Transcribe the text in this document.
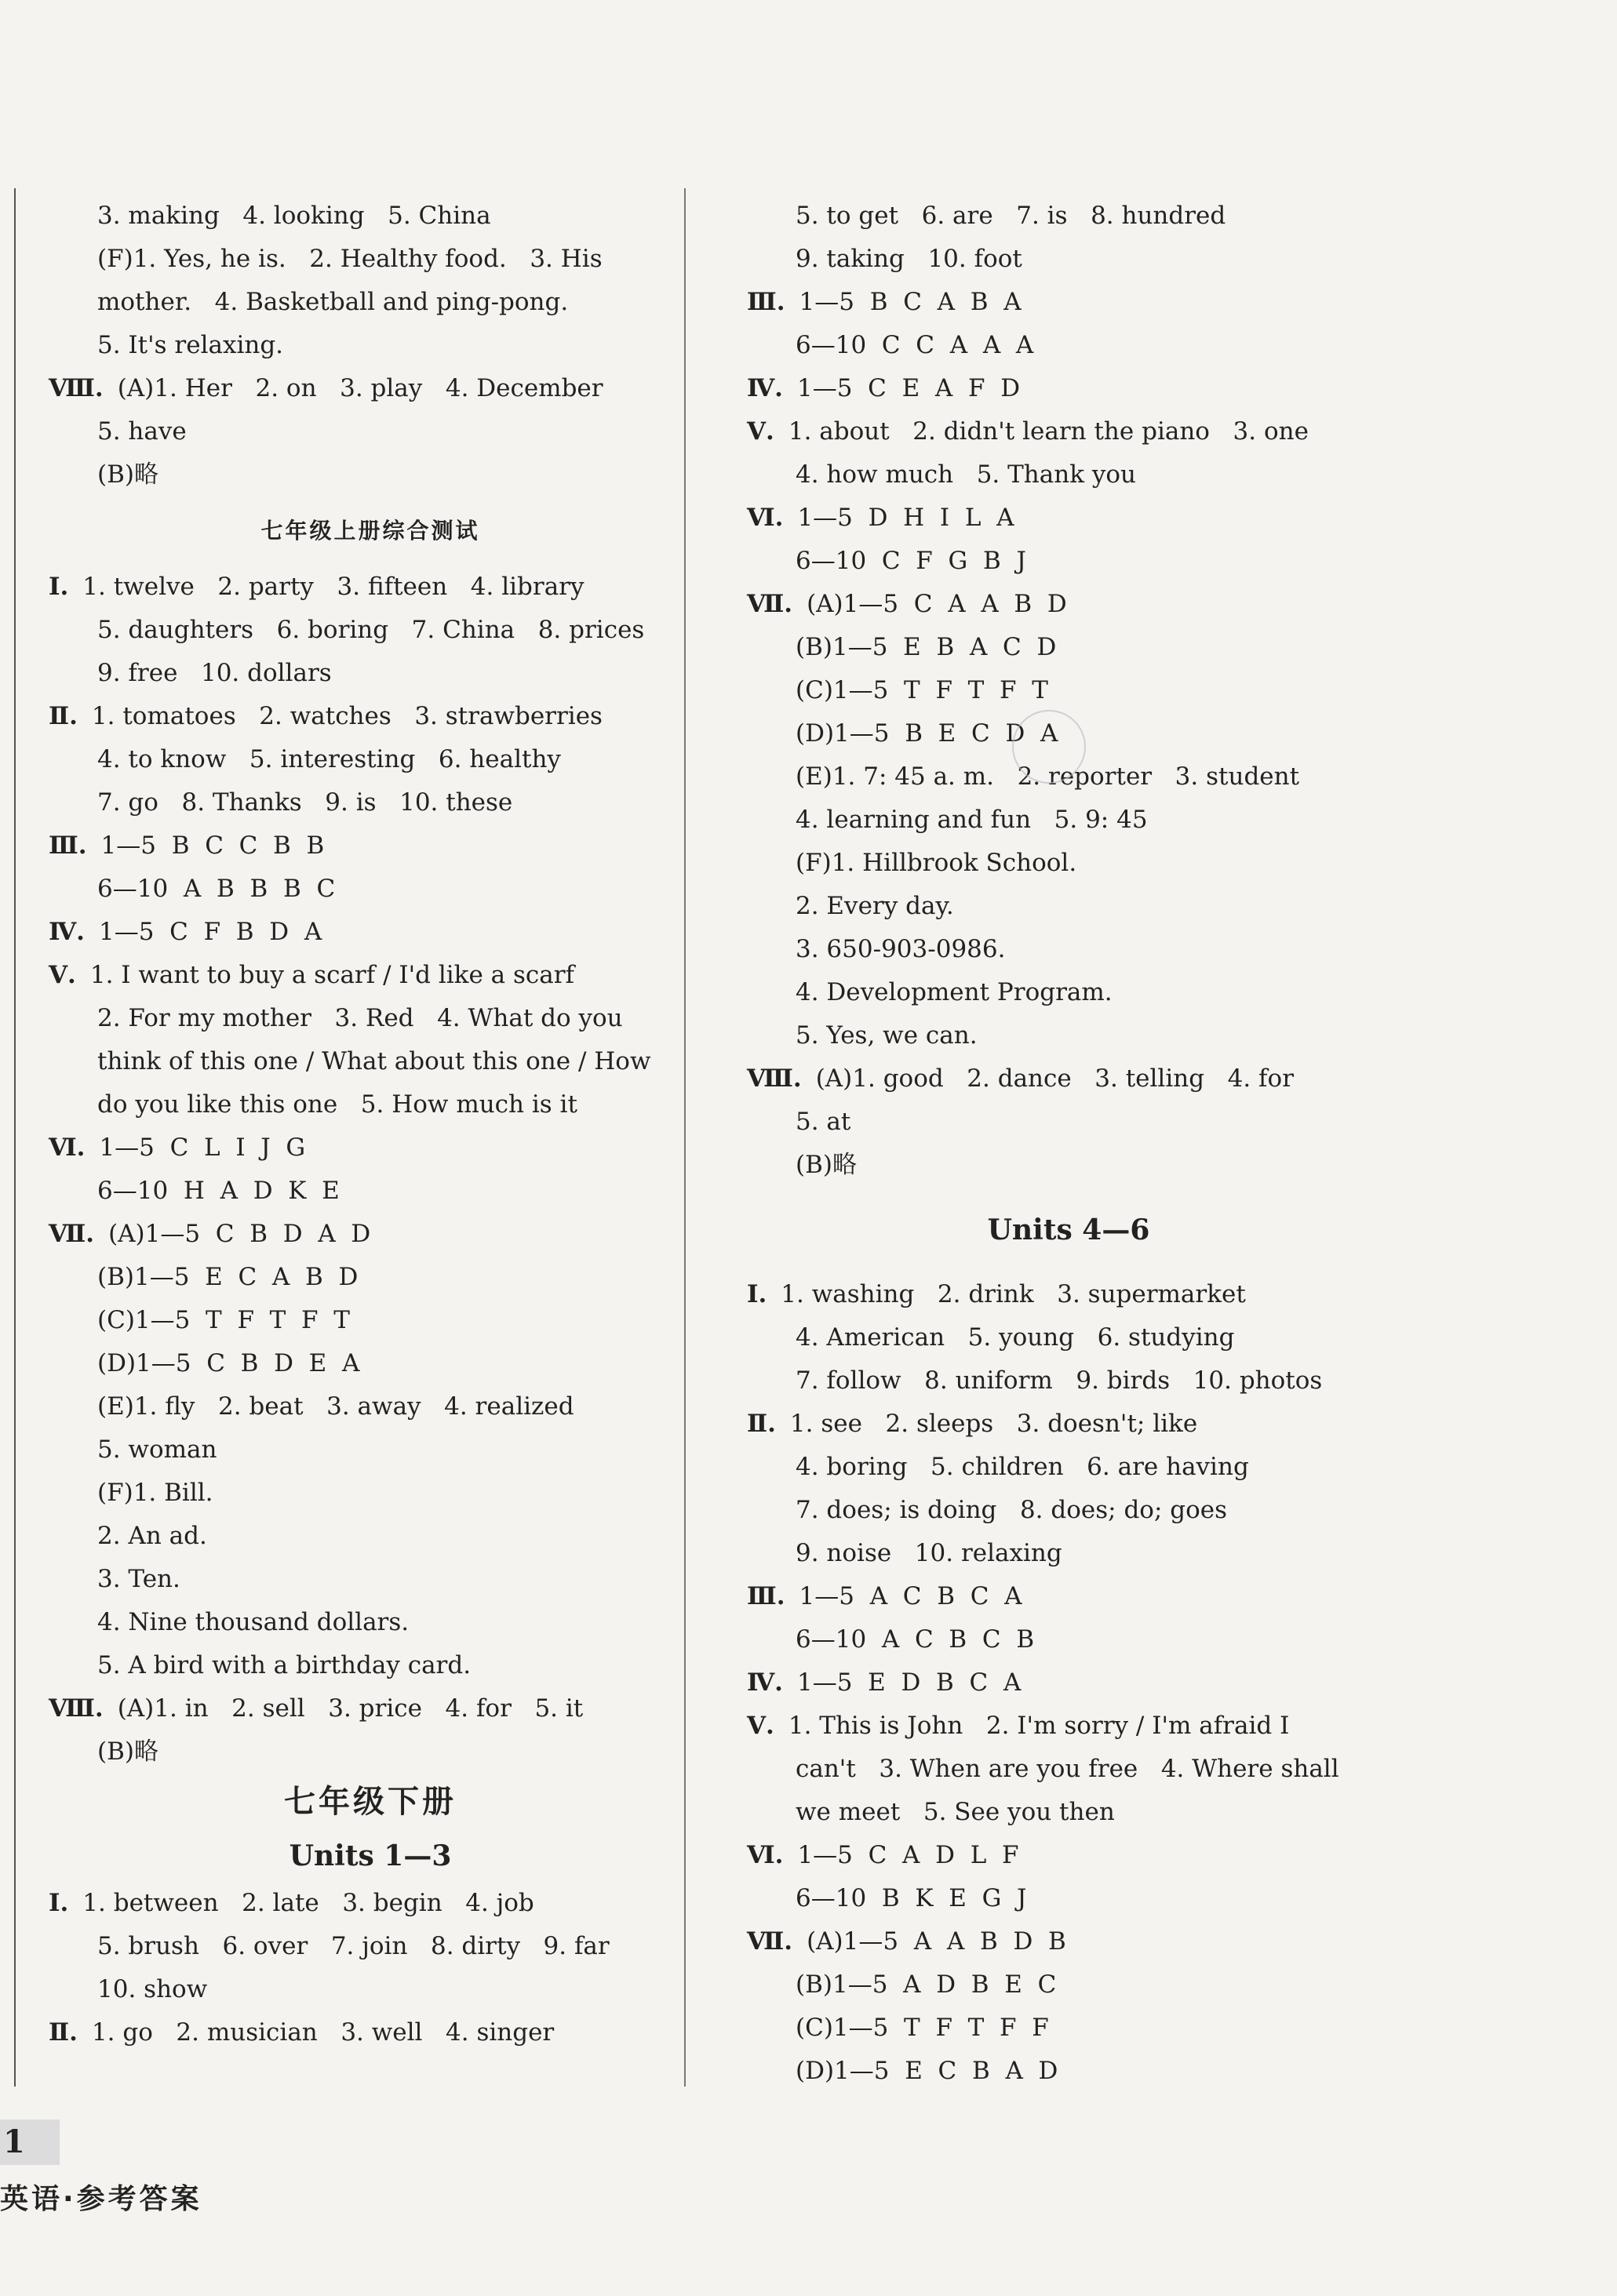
3. making   4. looking   5. China
(F)1. Yes, he is.   2. Healthy food.   3. His
mother.   4. Basketball and ping-pong.
5. It's relaxing.
Ⅷ. (A)1. Her   2. on   3. play   4. December
5. have
(B)略
七年级上册综合测试
Ⅰ. 1. twelve   2. party   3. fifteen   4. library
5. daughters   6. boring   7. China   8. prices
9. free   10. dollars
Ⅱ. 1. tomatoes   2. watches   3. strawberries
4. to know   5. interesting   6. healthy
7. go   8. Thanks   9. is   10. these
Ⅲ. 1—5  B  C  C  B  B
6—10  A  B  B  B  C
Ⅳ. 1—5  C  F  B  D  A
Ⅴ. 1. I want to buy a scarf / I'd like a scarf
2. For my mother   3. Red   4. What do you
think of this one / What about this one / How
do you like this one   5. How much is it
Ⅵ. 1—5  C  L  I  J  G
6—10  H  A  D  K  E
Ⅶ. (A)1—5  C  B  D  A  D
(B)1—5  E  C  A  B  D
(C)1—5  T  F  T  F  T
(D)1—5  C  B  D  E  A
(E)1. fly   2. beat   3. away   4. realized
5. woman
(F)1. Bill.
2. An ad.
3. Ten.
4. Nine thousand dollars.
5. A bird with a birthday card.
Ⅷ. (A)1. in   2. sell   3. price   4. for   5. it
(B)略
七年级下册
Units 1—3
Ⅰ. 1. between   2. late   3. begin   4. job
5. brush   6. over   7. join   8. dirty   9. far
10. show
Ⅱ. 1. go   2. musician   3. well   4. singer
5. to get   6. are   7. is   8. hundred
9. taking   10. foot
Ⅲ. 1—5  B  C  A  B  A
6—10  C  C  A  A  A
Ⅳ. 1—5  C  E  A  F  D
Ⅴ. 1. about   2. didn't learn the piano   3. one
4. how much   5. Thank you
Ⅵ. 1—5  D  H  I  L  A
6—10  C  F  G  B  J
Ⅶ. (A)1—5  C  A  A  B  D
(B)1—5  E  B  A  C  D
(C)1—5  T  F  T  F  T
(D)1—5  B  E  C  D  A
(E)1. 7: 45 a. m.   2. reporter   3. student
4. learning and fun   5. 9: 45
(F)1. Hillbrook School.
2. Every day.
3. 650-903-0986.
4. Development Program.
5. Yes, we can.
Ⅷ. (A)1. good   2. dance   3. telling   4. for
5. at
(B)略
Units 4—6
Ⅰ. 1. washing   2. drink   3. supermarket
4. American   5. young   6. studying
7. follow   8. uniform   9. birds   10. photos
Ⅱ. 1. see   2. sleeps   3. doesn't; like
4. boring   5. children   6. are having
7. does; is doing   8. does; do; goes
9. noise   10. relaxing
Ⅲ. 1—5  A  C  B  C  A
6—10  A  C  B  C  B
Ⅳ. 1—5  E  D  B  C  A
Ⅴ. 1. This is John   2. I'm sorry / I'm afraid I
can't   3. When are you free   4. Where shall
we meet   5. See you then
Ⅵ. 1—5  C  A  D  L  F
6—10  B  K  E  G  J
Ⅶ. (A)1—5  A  A  B  D  B
(B)1—5  A  D  B  E  C
(C)1—5  T  F  T  F  F
(D)1—5  E  C  B  A  D
1
英语·参考答案
